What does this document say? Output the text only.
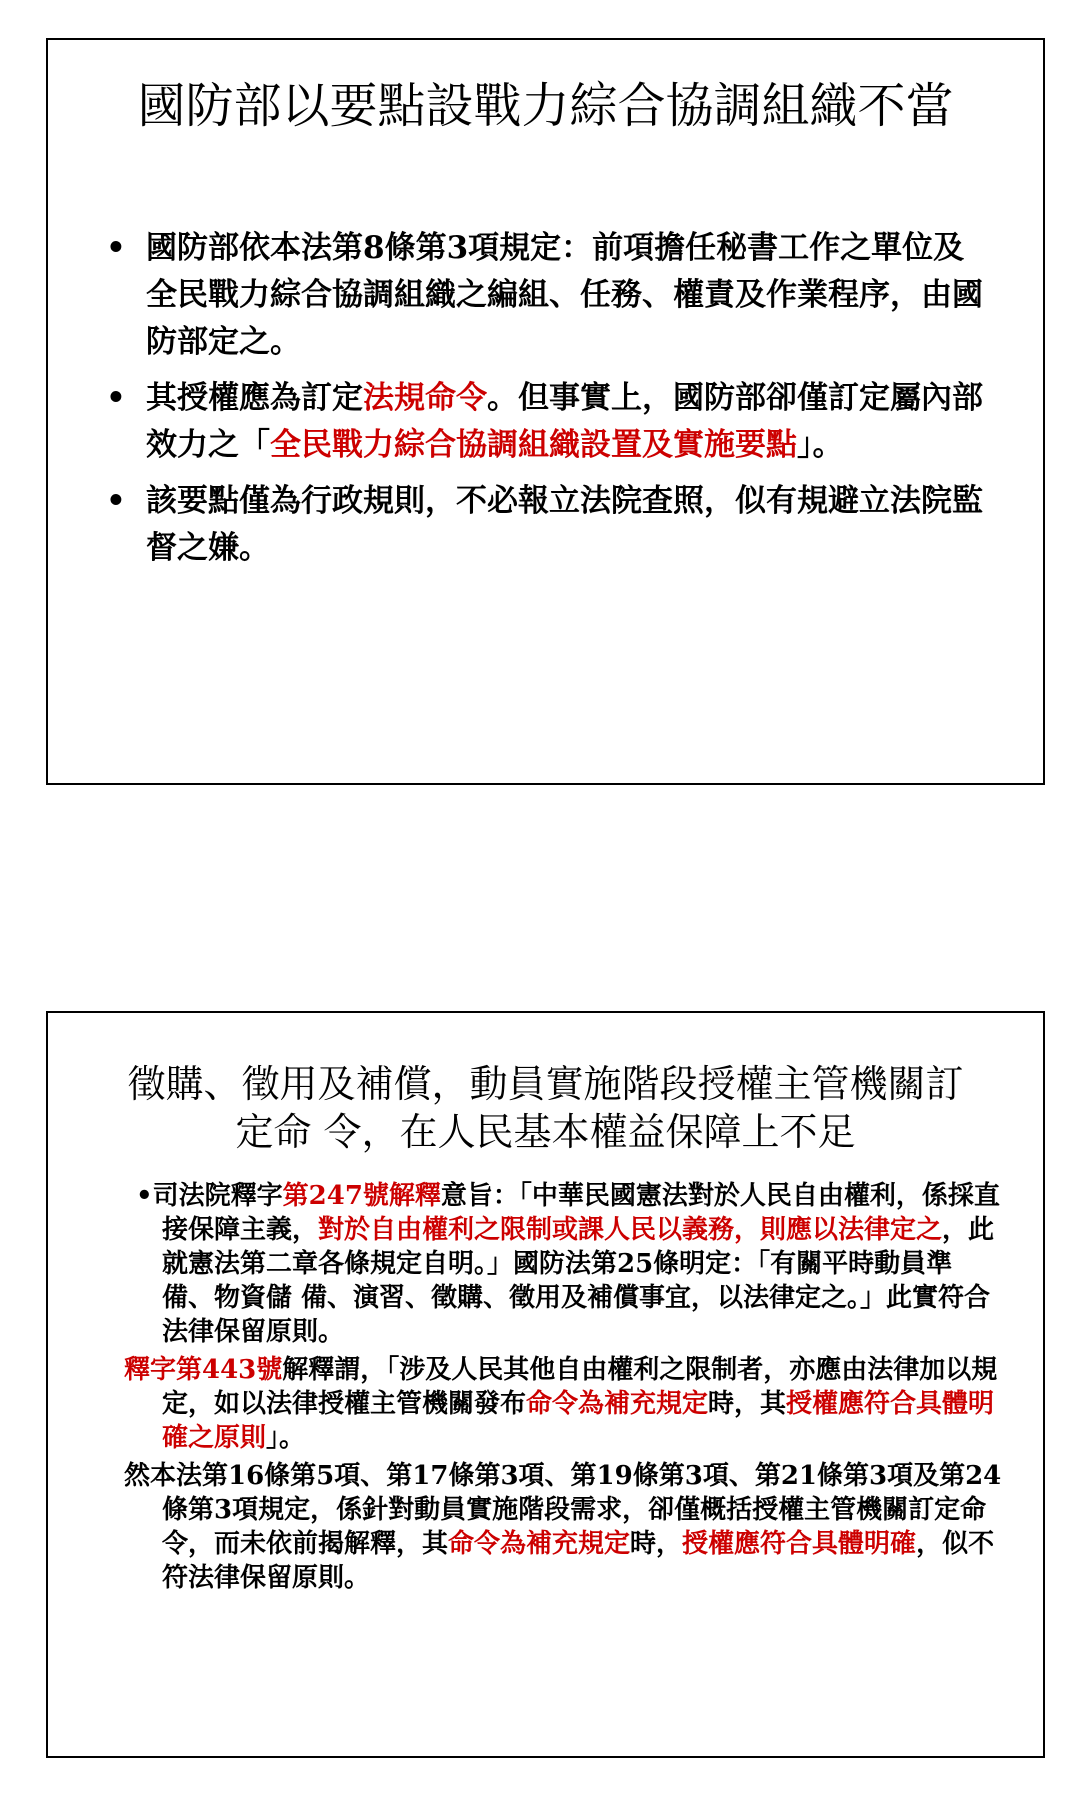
國防部以要點設戰力綜合協調組織不當
• 國防部依本法第8條第3項規定：前項擔任秘書工作之單位及全民戰力綜合協調組織之編組、任務、權責及作業程序，由國防部定之。
• 其授權應為訂定法規命令。但事實上，國防部卻僅訂定屬內部效力之「全民戰力綜合協調組織設置及實施要點」。
• 該要點僅為行政規則，不必報立法院查照，似有規避立法院監督之嫌。
徵購、徵用及補償，動員實施階段授權主管機關訂
定命 令，在人民基本權益保障上不足
•司法院釋字第247號解釋意旨：「中華民國憲法對於人民自由權利，係採直接保障主義，對於自由權利之限制或課人民以義務，則應以法律定之，此就憲法第二章各條規定自明。」國防法第25條明定：「有關平時動員準備、物資儲 備、演習、徵購、徵用及補償事宜，以法律定之。」此實符合法律保留原則。
釋字第443號解釋謂，「涉及人民其他自由權利之限制者，亦應由法律加以規定，如以法律授權主管機關發布命令為補充規定時，其授權應符合具體明確之原則」。
然本法第16條第5項、第17條第3項、第19條第3項、第21條第3項及第24條第3項規定，係針對動員實施階段需求，卻僅概括授權主管機關訂定命令，而未依前揭解釋，其命令為補充規定時，授權應符合具體明確，似不符法律保留原則。
